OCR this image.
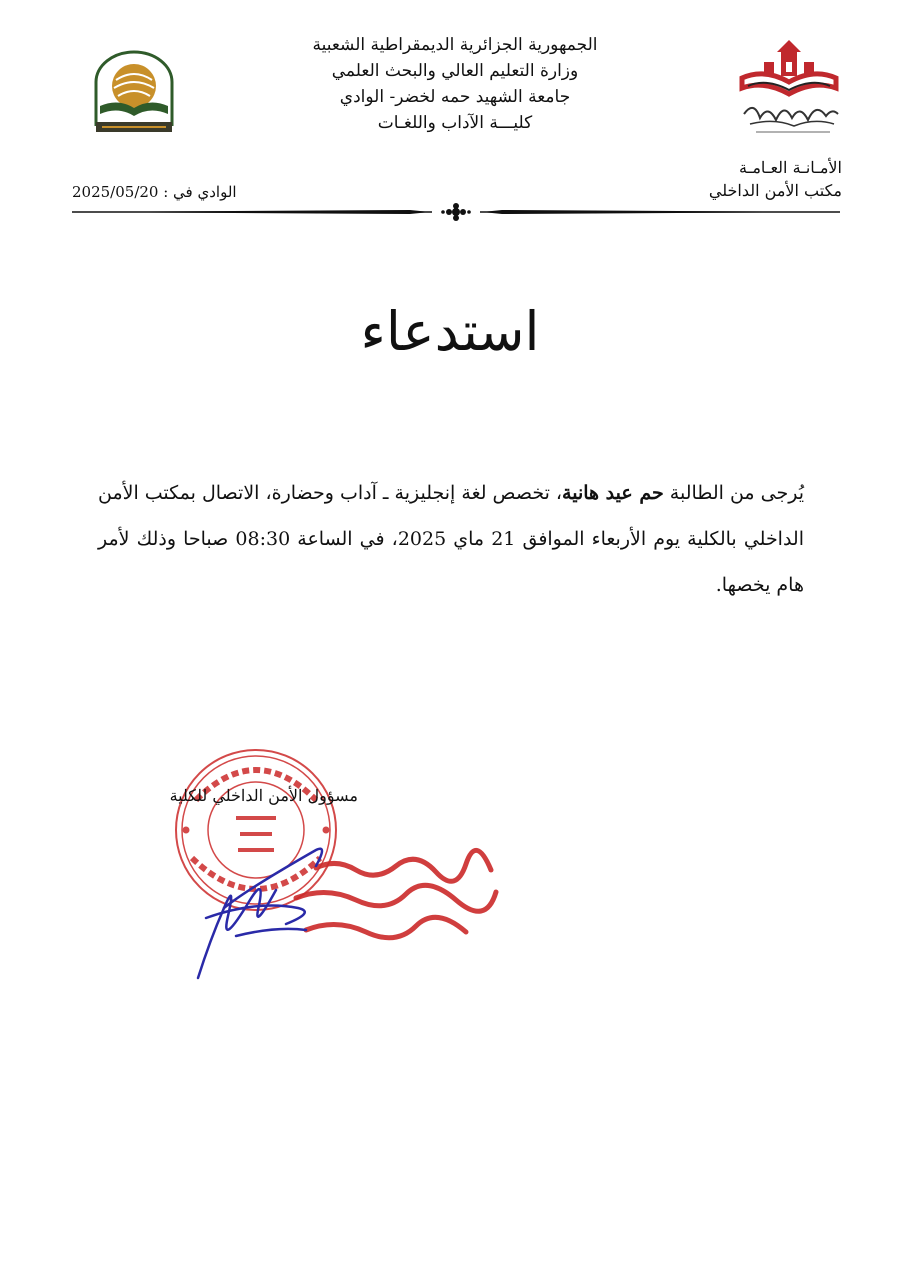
الجمهورية الجزائرية الديمقراطية الشعبية
وزارة التعليم العالي والبحث العلمي
جامعة الشهيد حمه لخضر- الوادي
كليـــة الآداب واللغـات
الأمـانـة العـامـة
مكتب الأمن الداخلي
الوادي في : 2025/05/20
استدعاء
يُرجى من الطالبة حم عيد هانية، تخصص لغة إنجليزية ـ آداب وحضارة، الاتصال بمكتب الأمن الداخلي بالكلية يوم الأربعاء الموافق 21 ماي 2025، في الساعة 08:30 صباحا وذلك لأمر هام يخصها.
مسؤول الأمن الداخلي للكلية
